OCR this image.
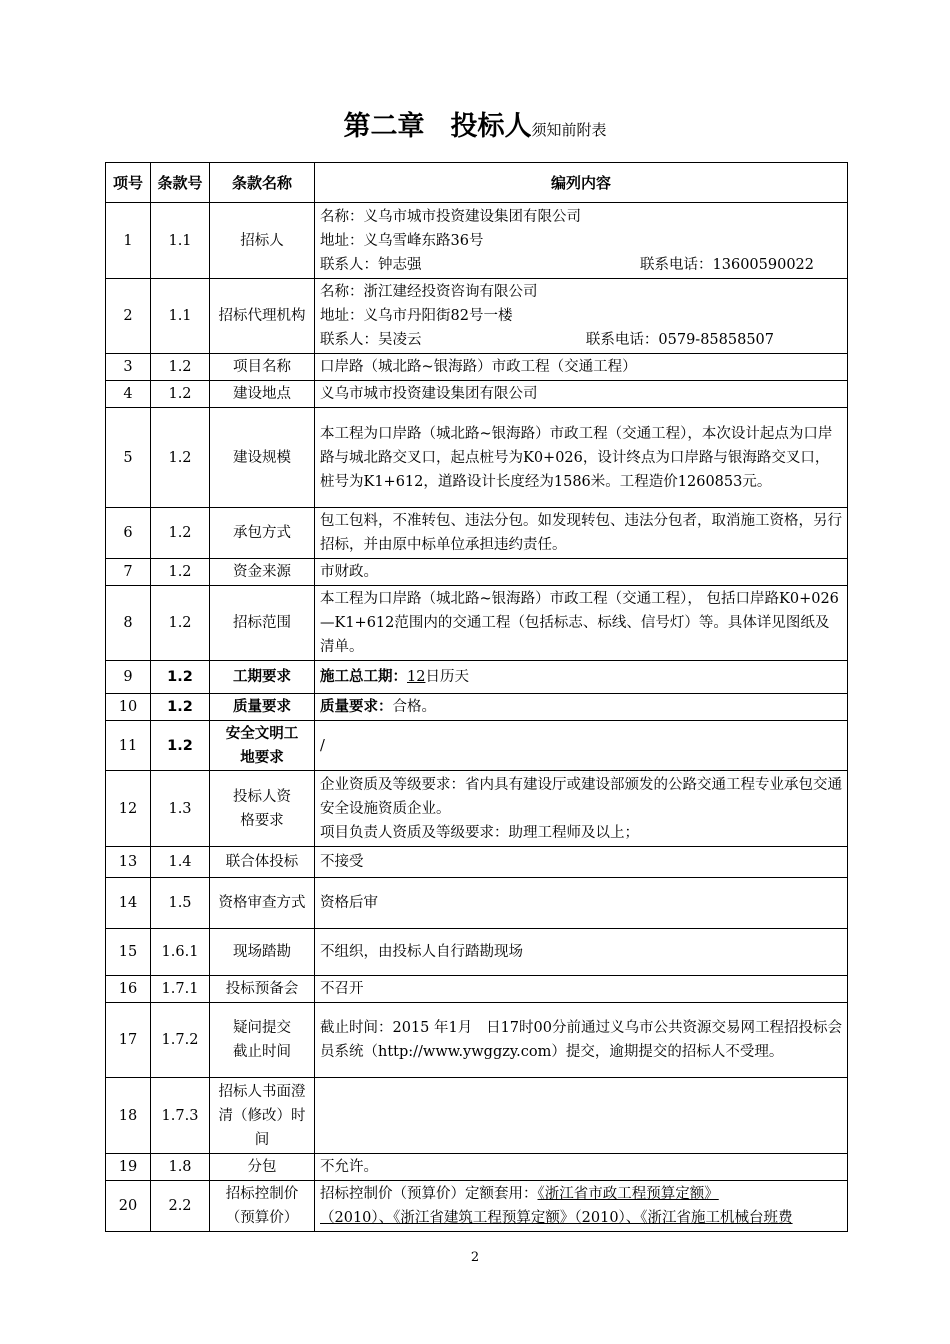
第二章 投标人须知前附表
项号	条款号	条款名称	编列内容
1	1.1	招标人	名称：义乌市城市投资建设集团有限公司
地址：义乌雪峰东路36号
联系人：钟志强 联系电话：13600590022

2	1.1	招标代理机构	名称：浙江建经投资咨询有限公司
地址：义乌市丹阳街82号一楼
联系人：吴凌云 联系电话：0579-85858507

3	1.2	项目名称	口岸路（城北路~银海路）市政工程（交通工程）
4	1.2	建设地点	义乌市城市投资建设集团有限公司
5	1.2	建设规模	本工程为口岸路（城北路~银海路）市政工程（交通工程），本次设计起点为口岸路与城北路交叉口，起点桩号为K0+026，设计终点为口岸路与银海路交叉口，桩号为K1+612，道路设计长度经为1586米。工程造价1260853元。
6	1.2	承包方式	包工包料，不准转包、违法分包。如发现转包、违法分包者，取消施工资格，另行招标，并由原中标单位承担违约责任。
7	1.2	资金来源	市财政。
8	1.2	招标范围	本工程为口岸路（城北路~银海路）市政工程（交通工程）， 包括口岸路K0+026—K1+612范围内的交通工程（包括标志、标线、信号灯）等。具体详见图纸及清单。
9	1.2	工期要求	施工总工期：12日历天
10	1.2	质量要求	质量要求：合格。
11	1.2	安全文明工地要求	/
12	1.3	投标人资格要求	企业资质及等级要求：省内具有建设厅或建设部颁发的公路交通工程专业承包交通安全设施资质企业。

项目负责人资质及等级要求：助理工程师及以上；

13	1.4	联合体投标	不接受
14	1.5	资格审查方式	资格后审
15	1.6.1	现场踏勘	不组织，由投标人自行踏勘现场
16	1.7.1	投标预备会	不召开
17	1.7.2	疑问提交截止时间	截止时间：2015 年1月   日17时00分前通过义乌市公共资源交易网工程招投标会员系统（http://www.ywggzy.com）提交，逾期提交的招标人不受理。
18	1.7.3	招标人书面澄清（修改）时间	
19	1.8	分包	不允许。
20	2.2	招标控制价（预算价）	招标控制价（预算价）定额套用：《浙江省市政工程预算定额》
（2010）、《浙江省建筑工程预算定额》（2010）、《浙江省施工机械台班费
2
